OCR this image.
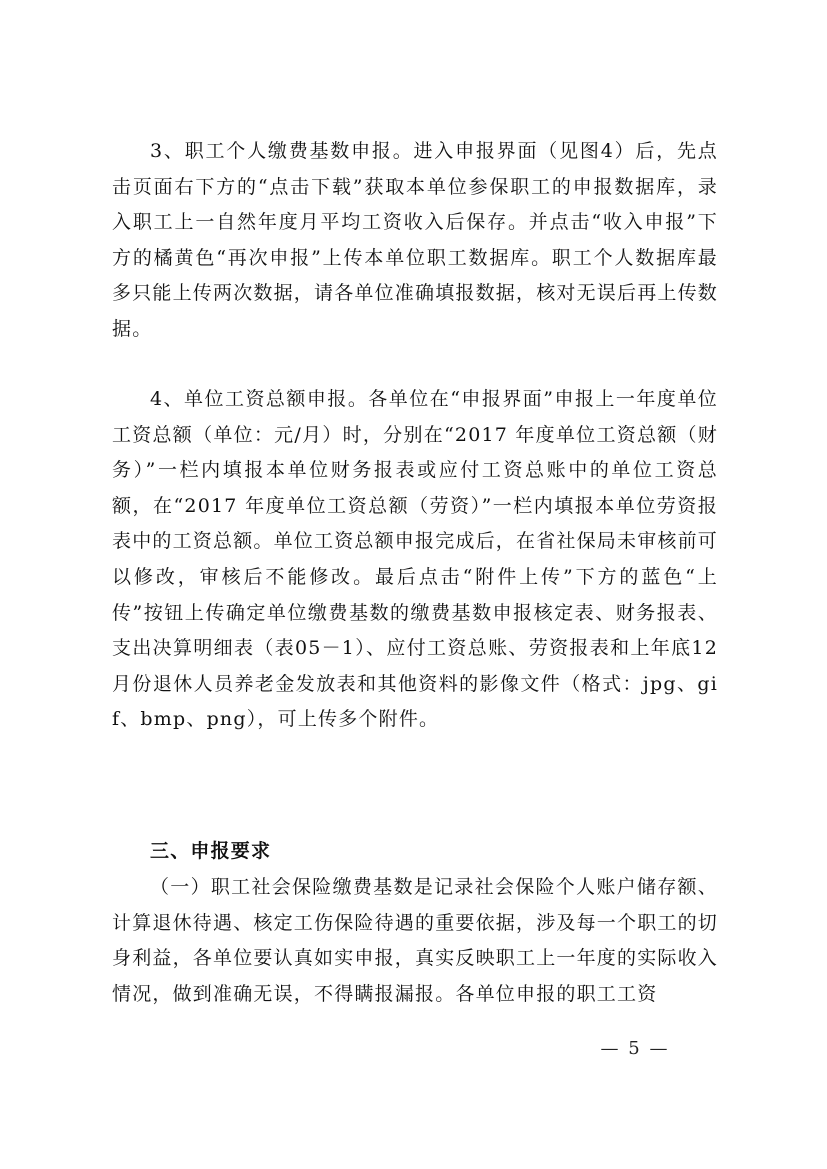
3、职工个人缴费基数申报。进入申报界面（见图4）后，先点击页面右下方的“点击下载”获取本单位参保职工的申报数据库，录入职工上一自然年度月平均工资收入后保存。并点击“收入申报”下方的橘黄色“再次申报”上传本单位职工数据库。职工个人数据库最多只能上传两次数据，请各单位准确填报数据，核对无误后再上传数据。

4、单位工资总额申报。各单位在“申报界面”申报上一年度单位工资总额（单位：元/月）时，分别在“2017 年度单位工资总额（财务）”一栏内填报本单位财务报表或应付工资总账中的单位工资总额，在“2017 年度单位工资总额（劳资）”一栏内填报本单位劳资报表中的工资总额。单位工资总额申报完成后，在省社保局未审核前可以修改，审核后不能修改。最后点击“附件上传”下方的蓝色“上传”按钮上传确定单位缴费基数的缴费基数申报核定表、财务报表、支出决算明细表（表05－1）、应付工资总账、劳资报表和上年底12 月份退休人员养老金发放表和其他资料的影像文件（格式：jpg、gif、bmp、png），可上传多个附件。

三、申报要求

（一）职工社会保险缴费基数是记录社会保险个人账户储存额、计算退休待遇、核定工伤保险待遇的重要依据，涉及每一个职工的切身利益，各单位要认真如实申报，真实反映职工上一年度的实际收入情况，做到准确无误，不得瞒报漏报。各单位申报的职工工资

— 5 —
